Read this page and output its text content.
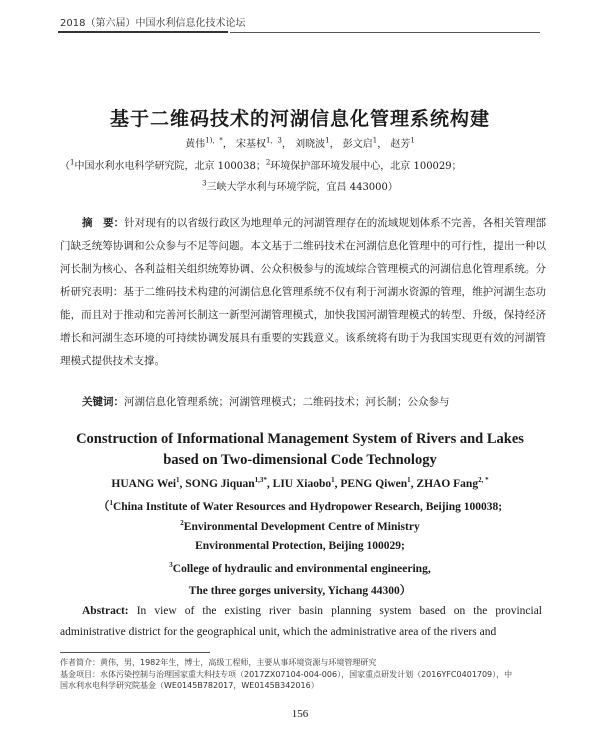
2018（第六届）中国水利信息化技术论坛
基于二维码技术的河湖信息化管理系统构建
黄伟$^{1),*}$， 宋基权$^{1,3}$， 刘晓波$^1$， 彭文启$^1$， 赵芳$^1$
（$^1$中国水利水电科学研究院，北京 100038；$^2$环境保护部环境发展中心，北京 100029；
$^3$三峡大学水利与环境学院，宜昌 443000）
摘　要：针对现有的以省级行政区为地理单元的河湖管理存在的流域规划体系不完善，各相关管理部门缺乏统筹协调和公众参与不足等问题。本文基于二维码技术在河湖信息化管理中的可行性，提出一种以河长制为核心、各利益相关组织统筹协调、公众积极参与的流域综合管理模式的河湖信息化管理系统。分析研究表明：基于二维码技术构建的河湖信息化管理系统不仅有利于河湖水资源的管理，维护河湖生态功能，而且对于推动和完善河长制这一新型河湖管理模式，加快我国河湖管理模式的转型、升级，保持经济增长和河湖生态环境的可持续协调发展具有重要的实践意义。该系统将有助于为我国实现更有效的河湖管理模式提供技术支撑。
关键词：河湖信息化管理系统；河湖管理模式；二维码技术；河长制；公众参与
Construction of Informational Management System of Rivers and Lakes
based on Two-dimensional Code Technology
HUANG Wei$^1$, SONG Jiquan$^{1,3*}$, LIU Xiaobo$^1$, PENG Qiwen$^1$, ZHAO Fang$^{2, *}$
（$^1$China Institute of Water Resources and Hydropower Research, Beijing 100038;
$^2$Environmental Development Centre of Ministry
Environmental Protection, Beijing 100029;
$^3$College of hydraulic and environmental engineering,
The three gorges university, Yichang 44300）
Abstract: In view of the existing river basin planning system based on the provincial administrative district for the geographical unit, which the administrative area of the rivers and
作者简介：黄伟，男，1982年生，博士，高级工程师，主要从事环境资源与环境管理研究
基金项目：水体污染控制与治理国家重大科技专项（2017ZX07104-004-006），国家重点研发计划（2016YFC0401709），中
国水利水电科学研究院基金（WE0145B782017，WE0145B342016）
156
